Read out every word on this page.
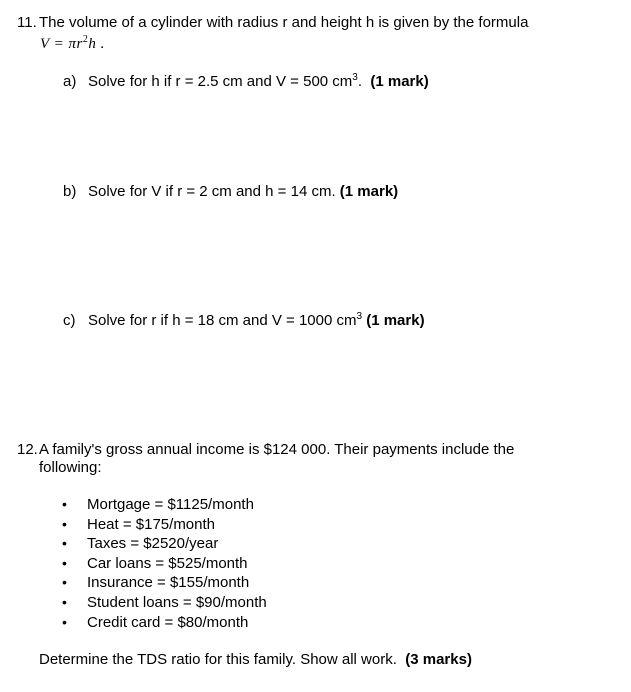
11. The volume of a cylinder with radius r and height h is given by the formula
$V = \pi r^2h$ .
a) Solve for h if r = 2.5 cm and V = 500 $cm^3$. (1 mark)
b) Solve for V if r = 2 cm and h = 14 cm. (1 mark)
c) Solve for r if h = 18 cm and V = 1000 $cm^3$ (1 mark)
12. A family's gross annual income is $124 000. Their payments include the
following:
• Mortgage = $1125/month
• Heat = $175/month
• Taxes = $2520/year
• Car loans = $525/month
• Insurance = $155/month
• Student loans = $90/month
• Credit card = $80/month
Determine the TDS ratio for this family. Show all work. (3 marks)
